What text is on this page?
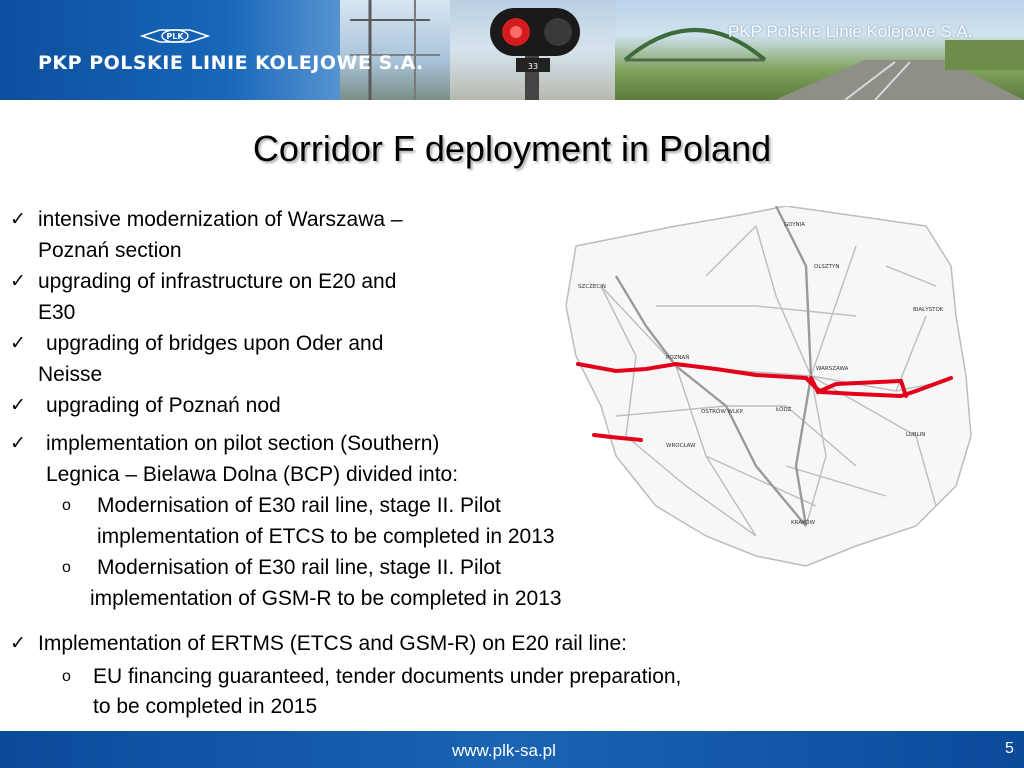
33
PLK
PKP POLSKIE LINIE KOLEJOWE S.A.
PKP Polskie Linie Kolejowe S.A.
Corridor F deployment in Poland
GDYNIA
OLSZTYN
SZCZECIN
BIAŁYSTOK
POZNAŃ
WARSZAWA
OSTRÓW WLKP.	ŁÓDŹ
WROCŁAW
LUBLIN
KRAKÓW
✓ intensive modernization of Warszawa –
Poznań section
✓ upgrading of infrastructure on E20 and
E30
✓ upgrading of bridges upon Oder and
Neisse
✓ upgrading of Poznań nod
✓ implementation on pilot section (Southern)
Legnica – Bielawa Dolna (BCP) divided into:
o Modernisation of E30 rail line, stage II. Pilot
implementation of ETCS to be completed in 2013
o Modernisation of E30 rail line, stage II. Pilot
implementation of GSM-R to be completed in 2013
✓ Implementation of ERTMS (ETCS and GSM-R) on E20 rail line:
o EU financing guaranteed, tender documents under preparation,
to be completed in 2015
www.plk-sa.pl	5
